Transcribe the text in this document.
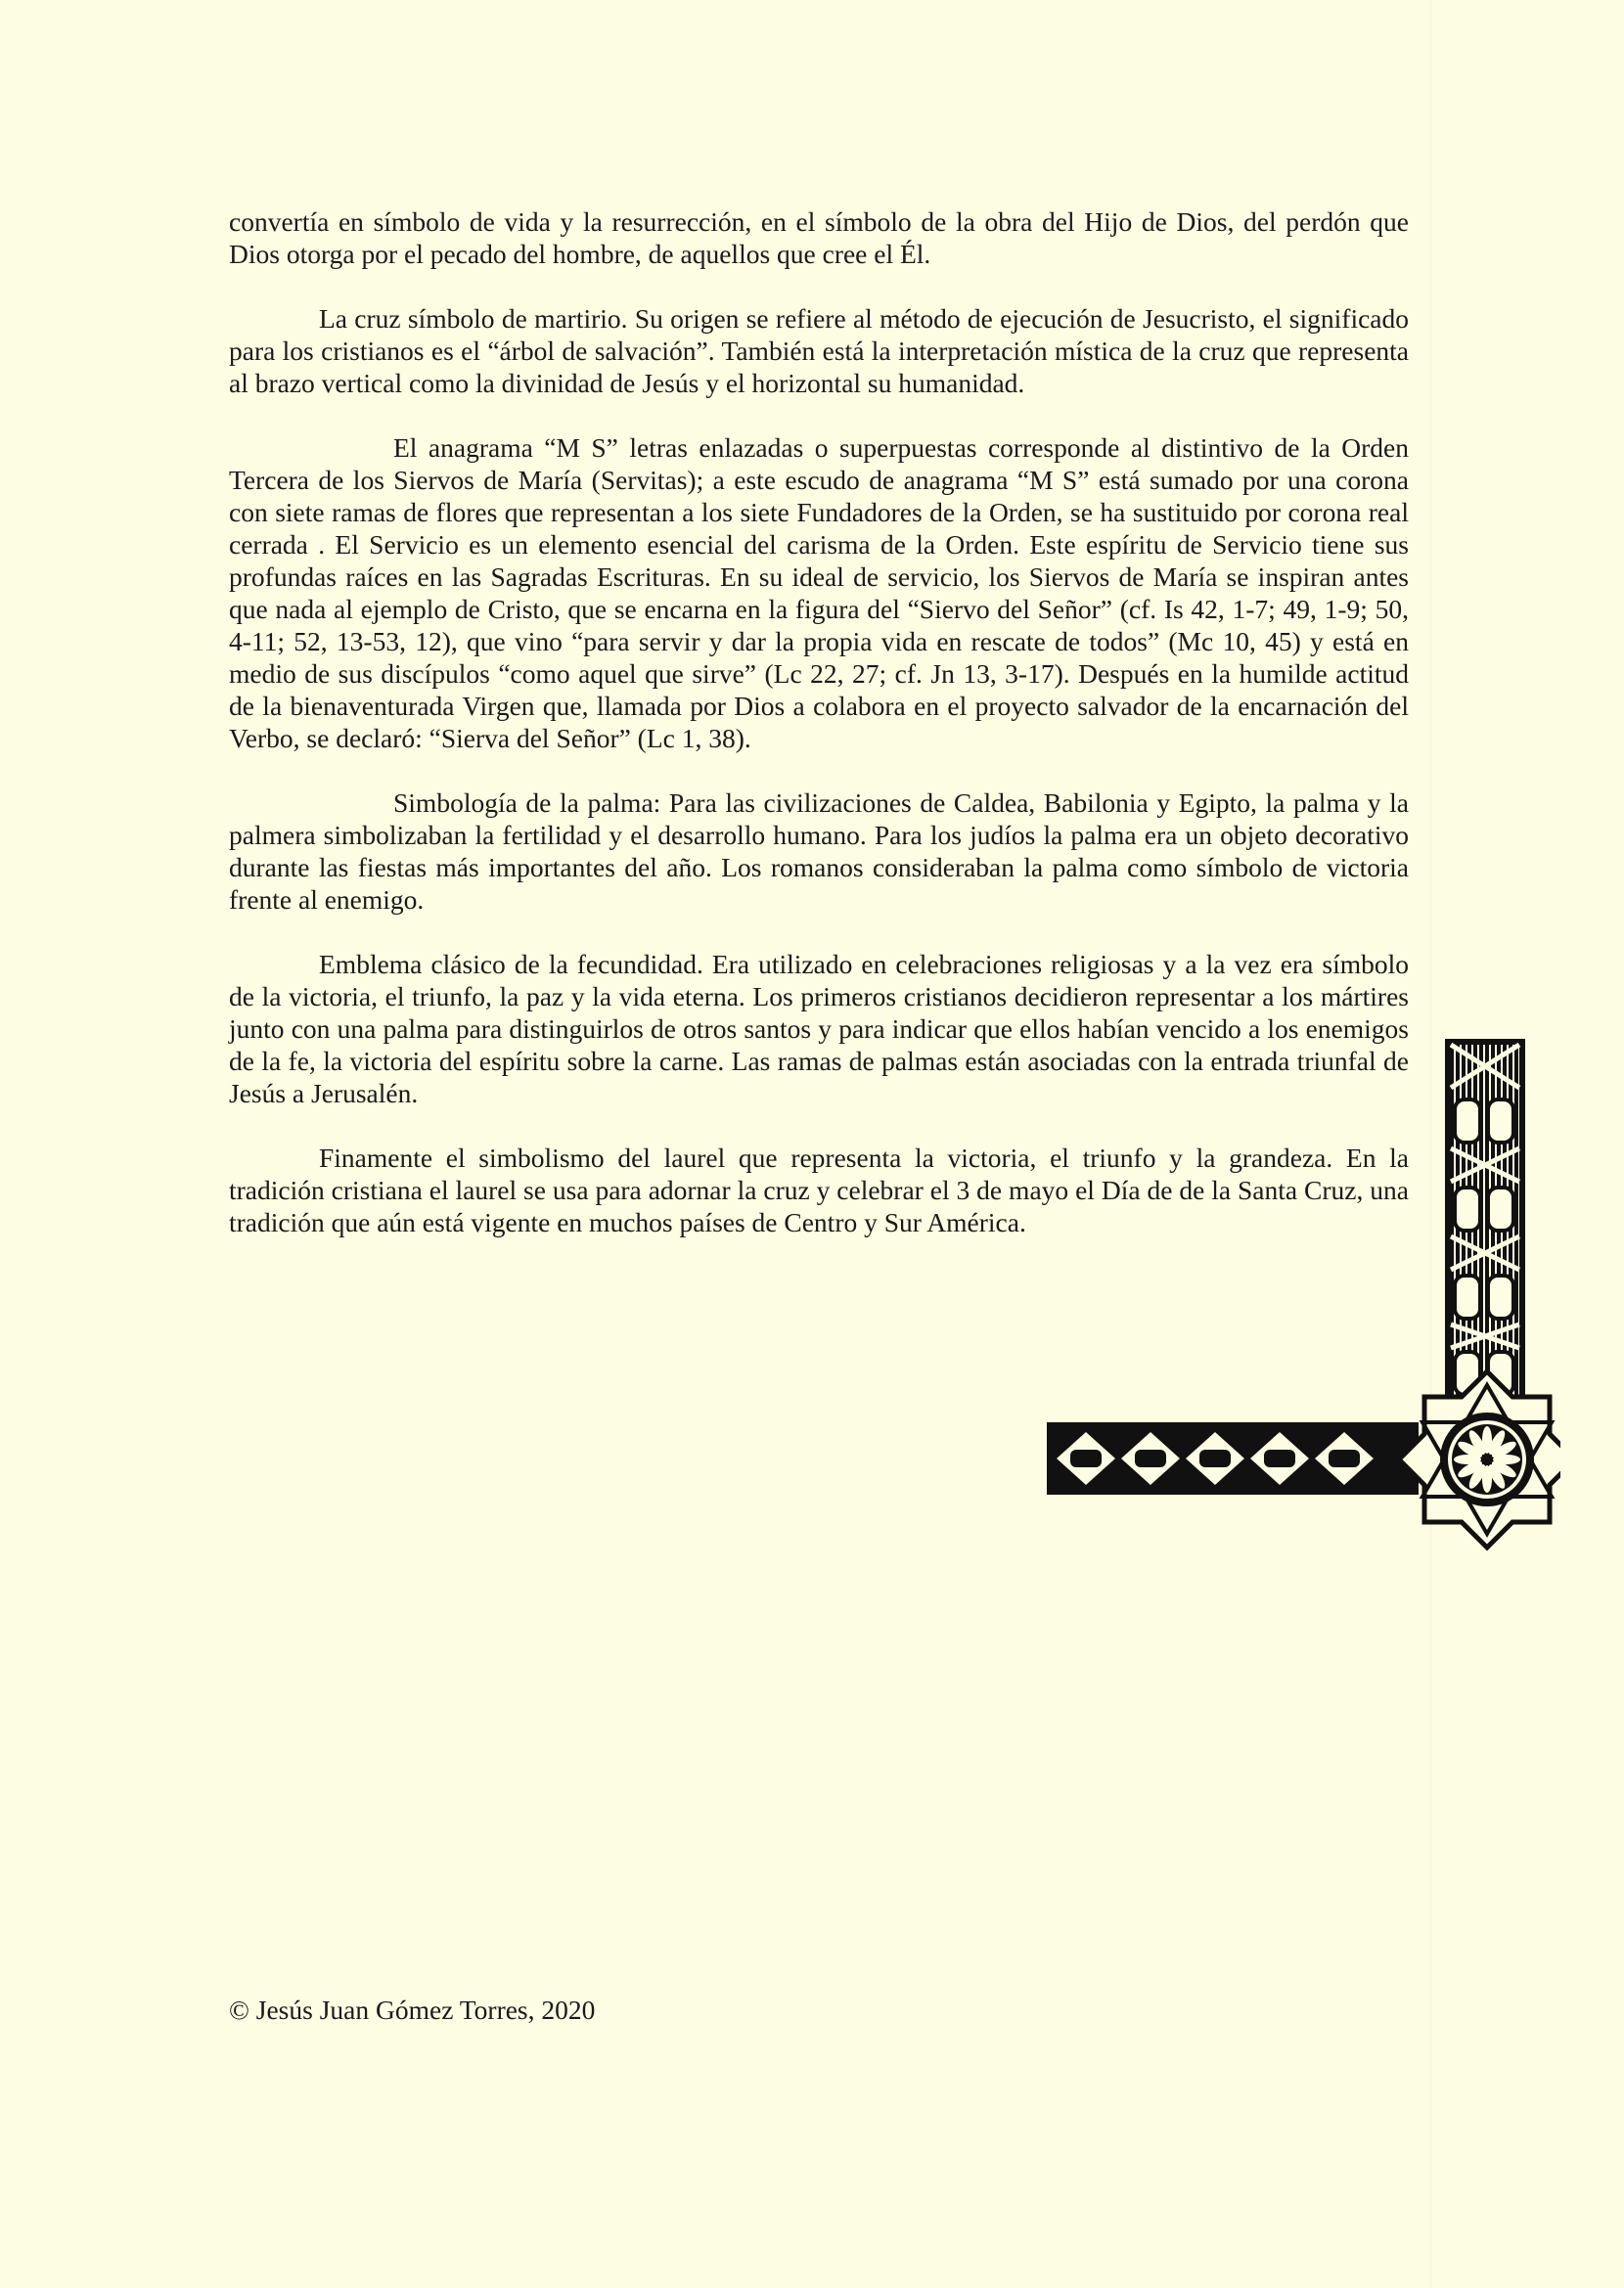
convertía en símbolo de vida y la resurrección, en el símbolo de la obra del Hijo de Dios, del perdón que Dios otorga por el pecado del hombre, de aquellos que cree el Él.

La cruz símbolo de martirio. Su origen se refiere al método de ejecución de Jesucristo, el significado para los cristianos es el “árbol de salvación”. También está la interpretación mística de la cruz que representa al brazo vertical como la divinidad de Jesús y el horizontal su humanidad.

El anagrama “M S” letras enlazadas o superpuestas corresponde al distintivo de la Orden Tercera de los Siervos de María (Servitas); a este escudo de anagrama “M S” está sumado por una corona con siete ramas de flores que representan a los siete Fundadores de la Orden, se ha sustituido por corona real cerrada . El Servicio es un elemento esencial del carisma de la Orden. Este espíritu de Servicio tiene sus profundas raíces en las Sagradas Escrituras. En su ideal de servicio, los Siervos de María se inspiran antes que nada al ejemplo de Cristo, que se encarna en la figura del “Siervo del Señor” (cf. Is 42, 1-7; 49, 1-9; 50, 4-11; 52, 13-53, 12), que vino “para servir y dar la propia vida en rescate de todos” (Mc 10, 45) y está en medio de sus discípulos “como aquel que sirve” (Lc 22, 27; cf. Jn 13, 3-17). Después en la humilde actitud de la bienaventurada Virgen que, llamada por Dios a colabora en el proyecto salvador de la encarnación del Verbo, se declaró: “Sierva del Señor” (Lc 1, 38).

Simbología de la palma: Para las civilizaciones de Caldea, Babilonia y Egipto, la palma y la palmera simbolizaban la fertilidad y el desarrollo humano. Para los judíos la palma era un objeto decorativo durante las fiestas más importantes del año. Los romanos consideraban la palma como símbolo de victoria frente al enemigo.

Emblema clásico de la fecundidad. Era utilizado en celebraciones religiosas y a la vez era símbolo de la victoria, el triunfo, la paz y la vida eterna. Los primeros cristianos decidieron representar a los mártires junto con una palma para distinguirlos de otros santos y para indicar que ellos habían vencido a los enemigos de la fe, la victoria del espíritu sobre la carne. Las ramas de palmas están asociadas con la entrada triunfal de Jesús a Jerusalén.

Finamente el simbolismo del laurel que representa la victoria, el triunfo y la grandeza. En la tradición cristiana el laurel se usa para adornar la cruz y celebrar el 3 de mayo el Día de de la Santa Cruz, una tradición que aún está vigente en muchos países de Centro y Sur América.

© Jesús Juan Gómez Torres, 2020
